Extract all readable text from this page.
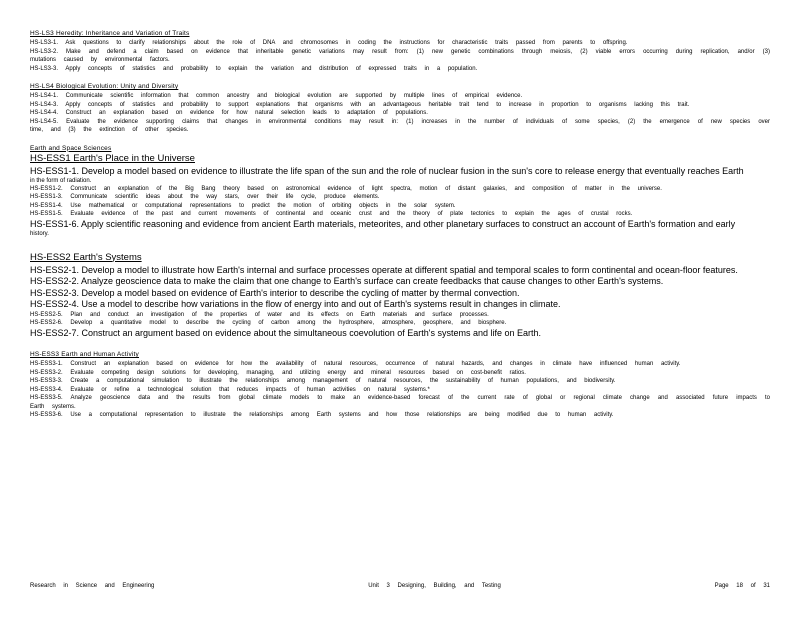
HS-LS3 Heredity: Inheritance and Variation of Traits
HS-LS3-1. Ask questions to clarify relationships about the role of DNA and chromosomes in coding the instructions for characteristic traits passed from parents to offspring.
HS-LS3-2. Make and defend a claim based on evidence that inheritable genetic variations may result from: (1) new genetic combinations through meiosis, (2) viable errors occurring during replication, and/or (3) mutations caused by environmental factors.
HS-LS3-3. Apply concepts of statistics and probability to explain the variation and distribution of expressed traits in a population.
HS-LS4 Biological Evolution: Unity and Diversity
HS-LS4-1. Communicate scientific information that common ancestry and biological evolution are supported by multiple lines of empirical evidence.
HS-LS4-3. Apply concepts of statistics and probability to support explanations that organisms with an advantageous heritable trait tend to increase in proportion to organisms lacking this trait.
HS-LS4-4. Construct an explanation based on evidence for how natural selection leads to adaptation of populations.
HS-LS4-5. Evaluate the evidence supporting claims that changes in environmental conditions may result in: (1) increases in the number of individuals of some species, (2) the emergence of new species over time, and (3) the extinction of other species.
Earth and Space Sciences
HS-ESS1 Earth's Place in the Universe
HS-ESS1-1. Develop a model based on evidence to illustrate the life span of the sun and the role of nuclear fusion in the sun's core to release energy that eventually reaches Earth
in the form of radiation.
HS-ESS1-2. Construct an explanation of the Big Bang theory based on astronomical evidence of light spectra, motion of distant galaxies, and composition of matter in the universe.
HS-ESS1-3. Communicate scientific ideas about the way stars, over their life cycle, produce elements.
HS-ESS1-4. Use mathematical or computational representations to predict the motion of orbiting objects in the solar system.
HS-ESS1-5. Evaluate evidence of the past and current movements of continental and oceanic crust and the theory of plate tectonics to explain the ages of crustal rocks.
HS-ESS1-6. Apply scientific reasoning and evidence from ancient Earth materials, meteorites, and other planetary surfaces to construct an account of Earth's formation and early
history.
HS-ESS2 Earth's Systems
HS-ESS2-1. Develop a model to illustrate how Earth's internal and surface processes operate at different spatial and temporal scales to form continental and ocean-floor features.
HS-ESS2-2. Analyze geoscience data to make the claim that one change to Earth's surface can create feedbacks that cause changes to other Earth's systems.
HS-ESS2-3. Develop a model based on evidence of Earth's interior to describe the cycling of matter by thermal convection.
HS-ESS2-4. Use a model to describe how variations in the flow of energy into and out of Earth's systems result in changes in climate.
HS-ESS2-5. Plan and conduct an investigation of the properties of water and its effects on Earth materials and surface processes.
HS-ESS2-6. Develop a quantitative model to describe the cycling of carbon among the hydrosphere, atmosphere, geosphere, and biosphere.
HS-ESS2-7. Construct an argument based on evidence about the simultaneous coevolution of Earth's systems and life on Earth.
HS-ESS3 Earth and Human Activity
HS-ESS3-1. Construct an explanation based on evidence for how the availability of natural resources, occurrence of natural hazards, and changes in climate have influenced human activity.
HS-ESS3-2. Evaluate competing design solutions for developing, managing, and utilizing energy and mineral resources based on cost-benefit ratios.
HS-ESS3-3. Create a computational simulation to illustrate the relationships among management of natural resources, the sustainability of human populations, and biodiversity.
HS-ESS3-4. Evaluate or refine a technological solution that reduces impacts of human activities on natural systems.*
HS-ESS3-5. Analyze geoscience data and the results from global climate models to make an evidence-based forecast of the current rate of global or regional climate change and associated future impacts to Earth systems.
HS-ESS3-6. Use a computational representation to illustrate the relationships among Earth systems and how those relationships are being modified due to human activity.
Research in Science and Engineering	Unit 3 Designing, Building, and Testing	Page 18 of 31
